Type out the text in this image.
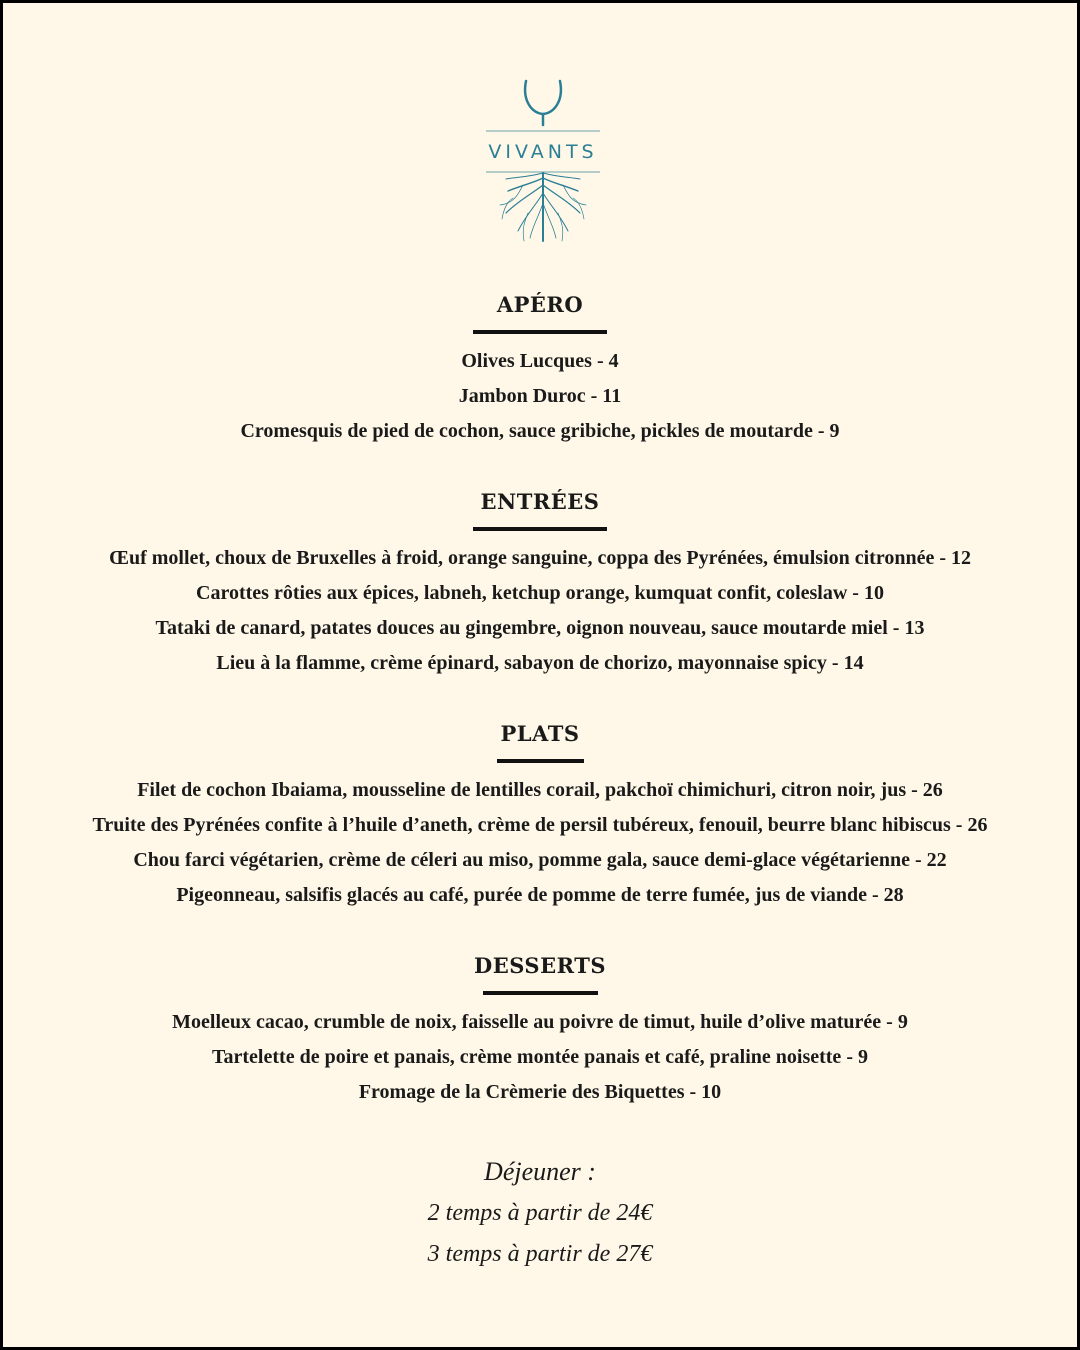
VIVANTS
APÉRO
Olives Lucques - 4
Jambon Duroc - 11
Cromesquis de pied de cochon, sauce gribiche, pickles de moutarde - 9
ENTRÉES
Œuf mollet, choux de Bruxelles à froid, orange sanguine, coppa des Pyrénées, émulsion citronnée - 12
Carottes rôties aux épices, labneh, ketchup orange, kumquat confit, coleslaw - 10
Tataki de canard, patates douces au gingembre, oignon nouveau, sauce moutarde miel - 13
Lieu à la flamme, crème épinard, sabayon de chorizo, mayonnaise spicy - 14
PLATS
Filet de cochon Ibaiama, mousseline de lentilles corail, pakchoï chimichuri, citron noir, jus - 26
Truite des Pyrénées confite à l’huile d’aneth, crème de persil tubéreux, fenouil, beurre blanc hibiscus - 26
Chou farci végétarien, crème de céleri au miso, pomme gala, sauce demi-glace végétarienne - 22
Pigeonneau, salsifis glacés au café, purée de pomme de terre fumée, jus de viande - 28
DESSERTS
Moelleux cacao, crumble de noix, faisselle au poivre de timut, huile d’olive maturée - 9
Tartelette de poire et panais, crème montée panais et café, praline noisette - 9
Fromage de la Crèmerie des Biquettes - 10
Déjeuner :
2 temps à partir de 24€
3 temps à partir de 27€
